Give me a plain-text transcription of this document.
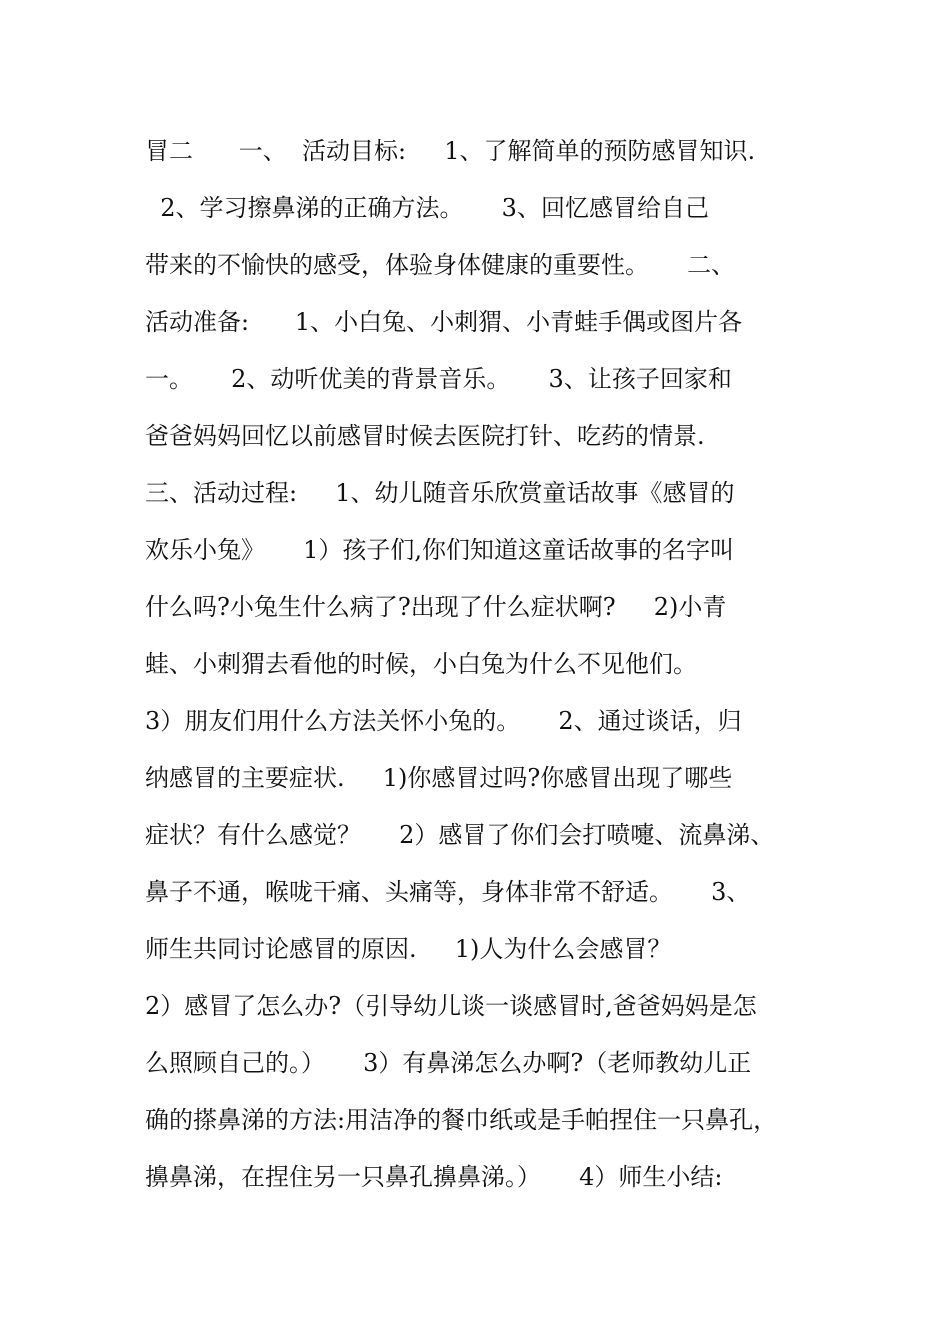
冒二      一、  活动目标:     1、了解简单的预防感冒知识.
2、学习擦鼻涕的正确方法。     3、回忆感冒给自己
带来的不愉快的感受，体验身体健康的重要性。     二、
活动准备:      1、小白兔、小刺猬、小青蛙手偶或图片各
一。     2、动听优美的背景音乐。     3、让孩子回家和
爸爸妈妈回忆以前感冒时候去医院打针、吃药的情景.
三、活动过程:     1、幼儿随音乐欣赏童话故事《感冒的
欢乐小兔》     1）孩子们,你们知道这童话故事的名字叫
什么吗?小兔生什么病了?出现了什么症状啊?     2)小青
蛙、小刺猬去看他的时候，小白兔为什么不见他们。
3）朋友们用什么方法关怀小兔的。     2、通过谈话，归
纳感冒的主要症状.     1)你感冒过吗?你感冒出现了哪些
症状？有什么感觉？     2）感冒了你们会打喷嚏、流鼻涕、
鼻子不通，喉咙干痛、头痛等，身体非常不舒适。     3、
师生共同讨论感冒的原因.     1)人为什么会感冒？
2）感冒了怎么办?（引导幼儿谈一谈感冒时,爸爸妈妈是怎
么照顾自己的。）     3）有鼻涕怎么办啊?（老师教幼儿正
确的搽鼻涕的方法:用洁净的餐巾纸或是手帕捏住一只鼻孔，
擤鼻涕，在捏住另一只鼻孔擤鼻涕。）     4）师生小结:
